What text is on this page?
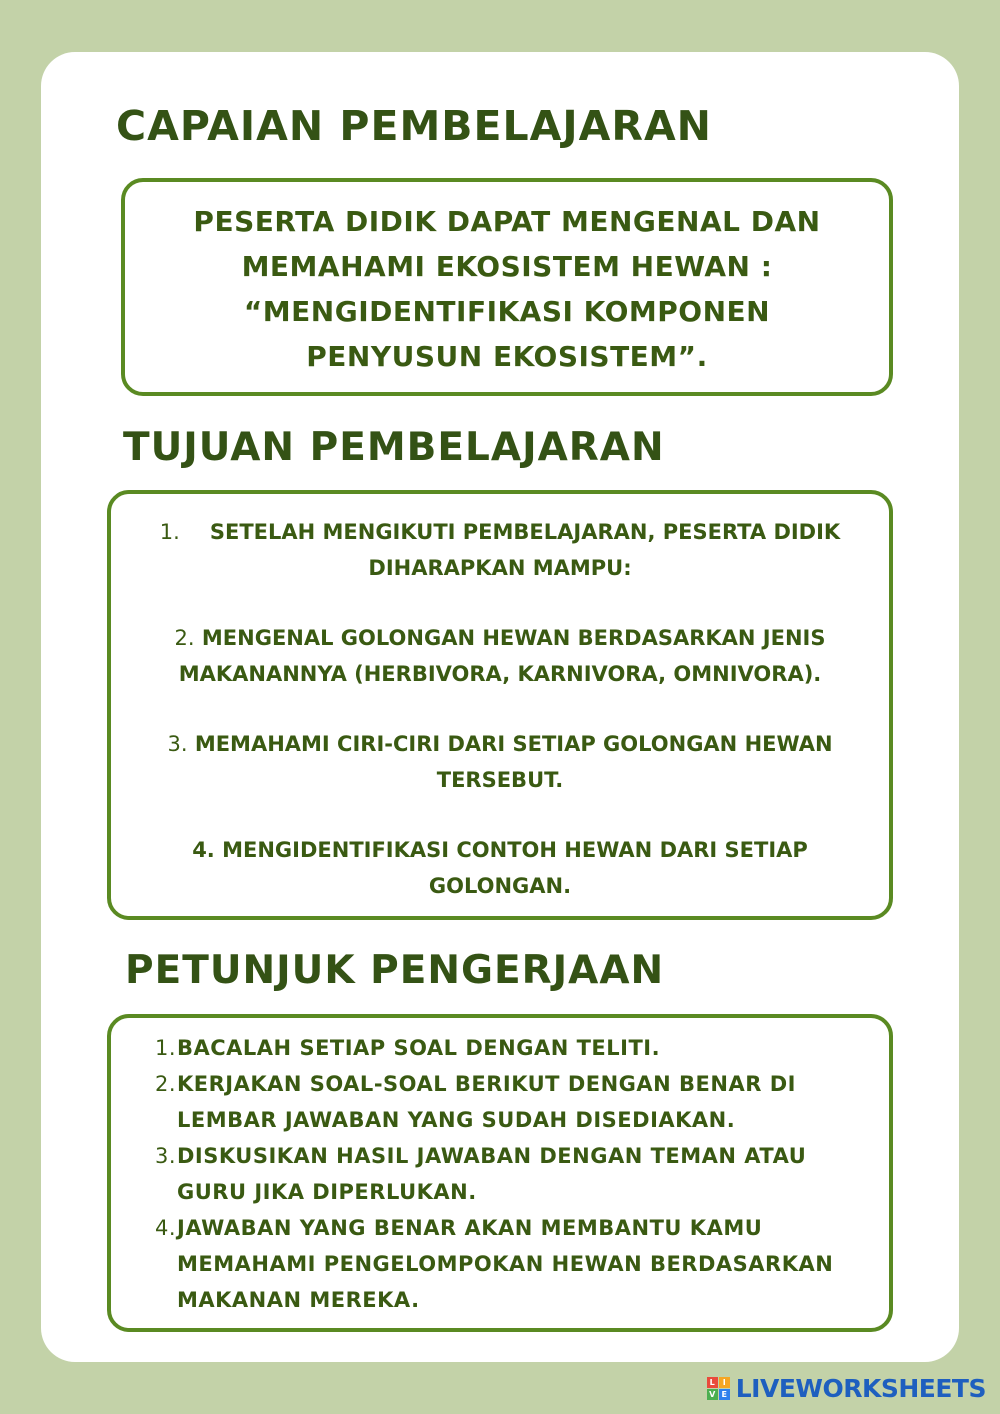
CAPAIAN PEMBELAJARAN
PESERTA DIDIK DAPAT MENGENAL DAN
MEMAHAMI EKOSISTEM HEWAN :
“MENGIDENTIFIKASI KOMPONEN
PENYUSUN EKOSISTEM”.
TUJUAN PEMBELAJARAN
1. SETELAH MENGIKUTI PEMBELAJARAN, PESERTA DIDIK
DIHARAPKAN MAMPU:
2. MENGENAL GOLONGAN HEWAN BERDASARKAN JENIS
MAKANANNYA (HERBIVORA, KARNIVORA, OMNIVORA).
3. MEMAHAMI CIRI-CIRI DARI SETIAP GOLONGAN HEWAN
TERSEBUT.
4. MENGIDENTIFIKASI CONTOH HEWAN DARI SETIAP
GOLONGAN.
PETUNJUK PENGERJAAN
1. BACALAH SETIAP SOAL DENGAN TELITI.
2. KERJAKAN SOAL-SOAL BERIKUT DENGAN BENAR DI
LEMBAR JAWABAN YANG SUDAH DISEDIAKAN.
3. DISKUSIKAN HASIL JAWABAN DENGAN TEMAN ATAU
GURU JIKA DIPERLUKAN.
4. JAWABAN YANG BENAR AKAN MEMBANTU KAMU
MEMAHAMI PENGELOMPOKAN HEWAN BERDASARKAN
MAKANAN MEREKA.
L I
V E LIVEWORKSHEETS
